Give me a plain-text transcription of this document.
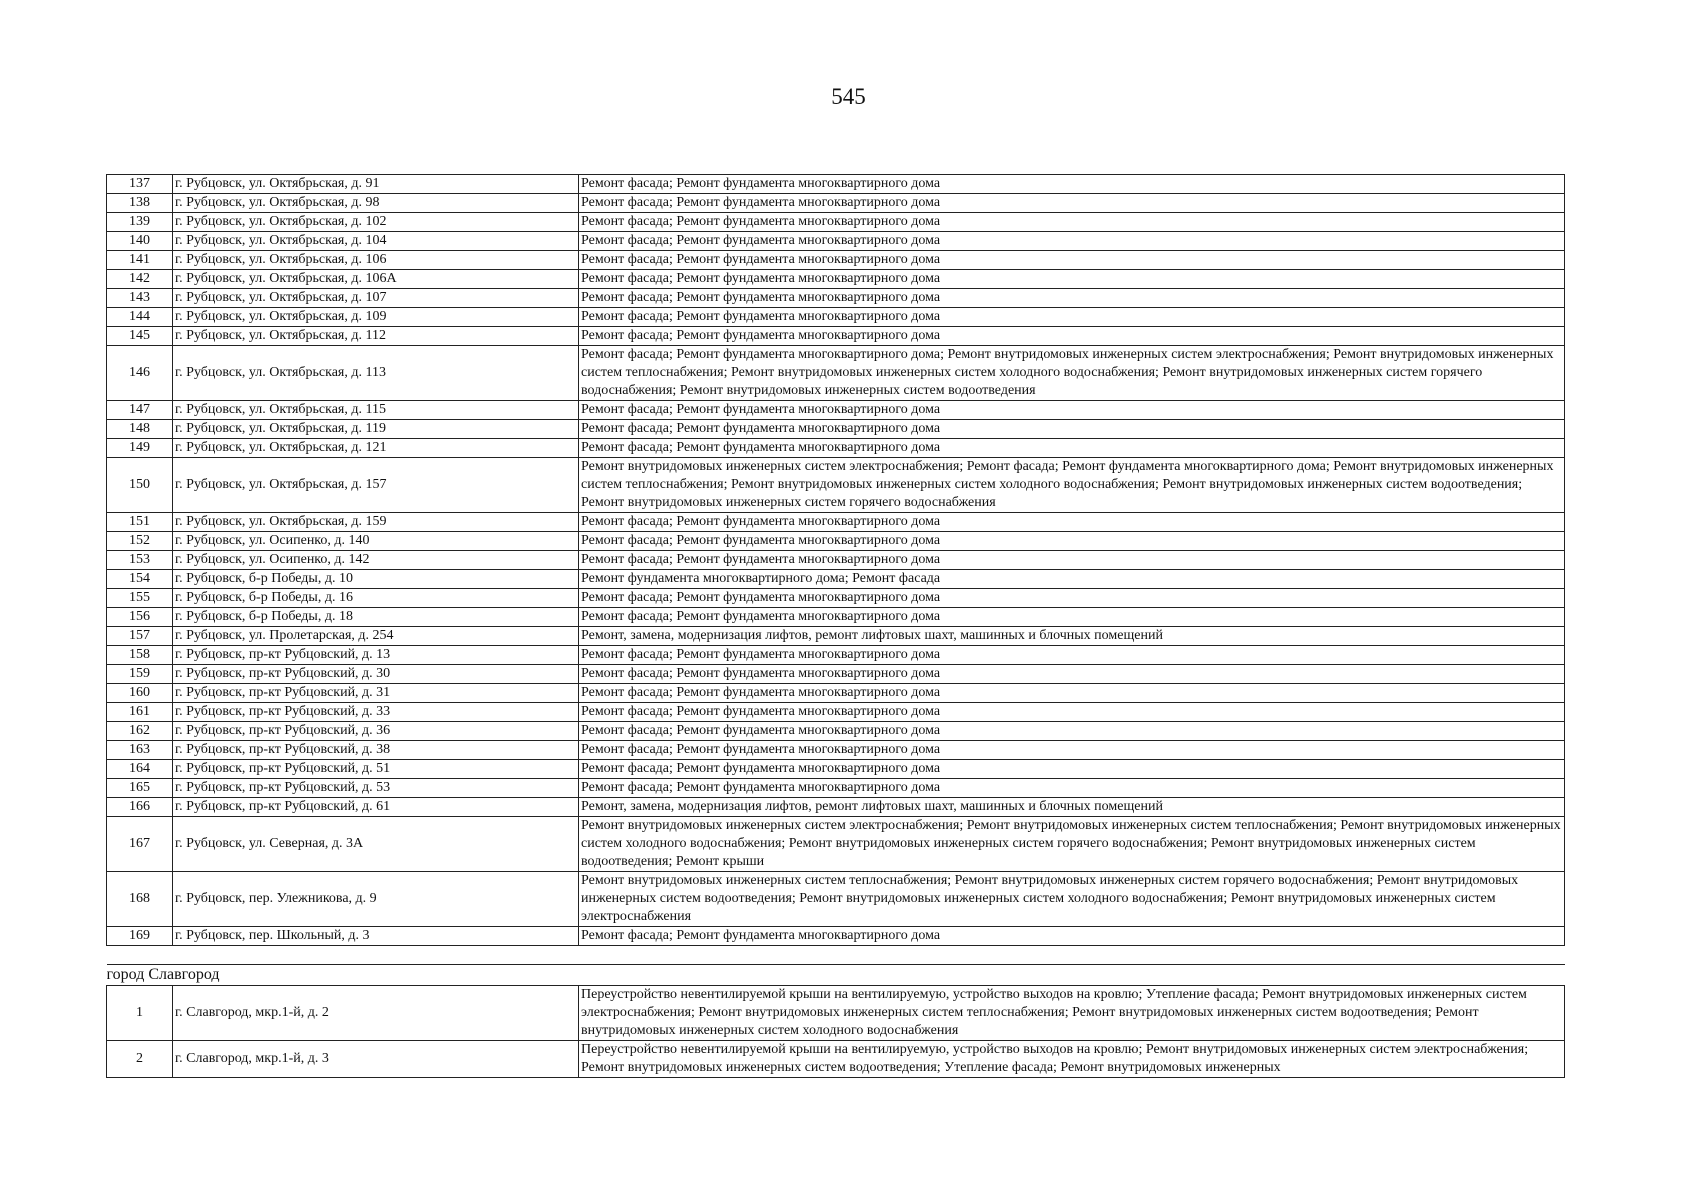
545
137	г. Рубцовск, ул. Октябрьская, д. 91	Ремонт фасада; Ремонт фундамента многоквартирного дома
138	г. Рубцовск, ул. Октябрьская, д. 98	Ремонт фасада; Ремонт фундамента многоквартирного дома
139	г. Рубцовск, ул. Октябрьская, д. 102	Ремонт фасада; Ремонт фундамента многоквартирного дома
140	г. Рубцовск, ул. Октябрьская, д. 104	Ремонт фасада; Ремонт фундамента многоквартирного дома
141	г. Рубцовск, ул. Октябрьская, д. 106	Ремонт фасада; Ремонт фундамента многоквартирного дома
142	г. Рубцовск, ул. Октябрьская, д. 106А	Ремонт фасада; Ремонт фундамента многоквартирного дома
143	г. Рубцовск, ул. Октябрьская, д. 107	Ремонт фасада; Ремонт фундамента многоквартирного дома
144	г. Рубцовск, ул. Октябрьская, д. 109	Ремонт фасада; Ремонт фундамента многоквартирного дома
145	г. Рубцовск, ул. Октябрьская, д. 112	Ремонт фасада; Ремонт фундамента многоквартирного дома
146	г. Рубцовск, ул. Октябрьская, д. 113	Ремонт фасада; Ремонт фундамента многоквартирного дома; Ремонт внутридомовых инженерных систем электроснабжения; Ремонт внутридомовых инженерных систем теплоснабжения; Ремонт внутридомовых инженерных систем холодного водоснабжения; Ремонт внутридомовых инженерных систем горячего водоснабжения; Ремонт внутридомовых инженерных систем водоотведения
147	г. Рубцовск, ул. Октябрьская, д. 115	Ремонт фасада; Ремонт фундамента многоквартирного дома
148	г. Рубцовск, ул. Октябрьская, д. 119	Ремонт фасада; Ремонт фундамента многоквартирного дома
149	г. Рубцовск, ул. Октябрьская, д. 121	Ремонт фасада; Ремонт фундамента многоквартирного дома
150	г. Рубцовск, ул. Октябрьская, д. 157	Ремонт внутридомовых инженерных систем электроснабжения; Ремонт фасада; Ремонт фундамента многоквартирного дома; Ремонт внутридомовых инженерных систем теплоснабжения; Ремонт внутридомовых инженерных систем холодного водоснабжения; Ремонт внутридомовых инженерных систем водоотведения; Ремонт внутридомовых инженерных систем горячего водоснабжения
151	г. Рубцовск, ул. Октябрьская, д. 159	Ремонт фасада; Ремонт фундамента многоквартирного дома
152	г. Рубцовск, ул. Осипенко, д. 140	Ремонт фасада; Ремонт фундамента многоквартирного дома
153	г. Рубцовск, ул. Осипенко, д. 142	Ремонт фасада; Ремонт фундамента многоквартирного дома
154	г. Рубцовск, б-р Победы, д. 10	Ремонт фундамента многоквартирного дома; Ремонт фасада
155	г. Рубцовск, б-р Победы, д. 16	Ремонт фасада; Ремонт фундамента многоквартирного дома
156	г. Рубцовск, б-р Победы, д. 18	Ремонт фасада; Ремонт фундамента многоквартирного дома
157	г. Рубцовск, ул. Пролетарская, д. 254	Ремонт, замена, модернизация лифтов, ремонт лифтовых шахт, машинных и блочных помещений
158	г. Рубцовск, пр-кт Рубцовский, д. 13	Ремонт фасада; Ремонт фундамента многоквартирного дома
159	г. Рубцовск, пр-кт Рубцовский, д. 30	Ремонт фасада; Ремонт фундамента многоквартирного дома
160	г. Рубцовск, пр-кт Рубцовский, д. 31	Ремонт фасада; Ремонт фундамента многоквартирного дома
161	г. Рубцовск, пр-кт Рубцовский, д. 33	Ремонт фасада; Ремонт фундамента многоквартирного дома
162	г. Рубцовск, пр-кт Рубцовский, д. 36	Ремонт фасада; Ремонт фундамента многоквартирного дома
163	г. Рубцовск, пр-кт Рубцовский, д. 38	Ремонт фасада; Ремонт фундамента многоквартирного дома
164	г. Рубцовск, пр-кт Рубцовский, д. 51	Ремонт фасада; Ремонт фундамента многоквартирного дома
165	г. Рубцовск, пр-кт Рубцовский, д. 53	Ремонт фасада; Ремонт фундамента многоквартирного дома
166	г. Рубцовск, пр-кт Рубцовский, д. 61	Ремонт, замена, модернизация лифтов, ремонт лифтовых шахт, машинных и блочных помещений
167	г. Рубцовск, ул. Северная, д. 3А	Ремонт внутридомовых инженерных систем электроснабжения; Ремонт внутридомовых инженерных систем теплоснабжения; Ремонт внутридомовых инженерных систем холодного водоснабжения; Ремонт внутридомовых инженерных систем горячего водоснабжения; Ремонт внутридомовых инженерных систем водоотведения; Ремонт крыши
168	г. Рубцовск, пер. Улежникова, д. 9	Ремонт внутридомовых инженерных систем теплоснабжения; Ремонт внутридомовых инженерных систем горячего водоснабжения; Ремонт внутридомовых инженерных систем водоотведения; Ремонт внутридомовых инженерных систем холодного водоснабжения; Ремонт внутридомовых инженерных систем электроснабжения
169	г. Рубцовск, пер. Школьный, д. 3	Ремонт фасада; Ремонт фундамента многоквартирного дома

город Славгород		
1	г. Славгород, мкр.1-й, д. 2	Переустройство невентилируемой крыши на вентилируемую, устройство выходов на кровлю; Утепление фасада; Ремонт внутридомовых инженерных систем электроснабжения; Ремонт внутридомовых инженерных систем теплоснабжения; Ремонт внутридомовых инженерных систем водоотведения; Ремонт внутридомовых инженерных систем холодного водоснабжения
2	г. Славгород, мкр.1-й, д. 3	Переустройство невентилируемой крыши на вентилируемую, устройство выходов на кровлю; Ремонт внутридомовых инженерных систем электроснабжения; Ремонт внутридомовых инженерных систем водоотведения; Утепление фасада; Ремонт внутридомовых инженерных
